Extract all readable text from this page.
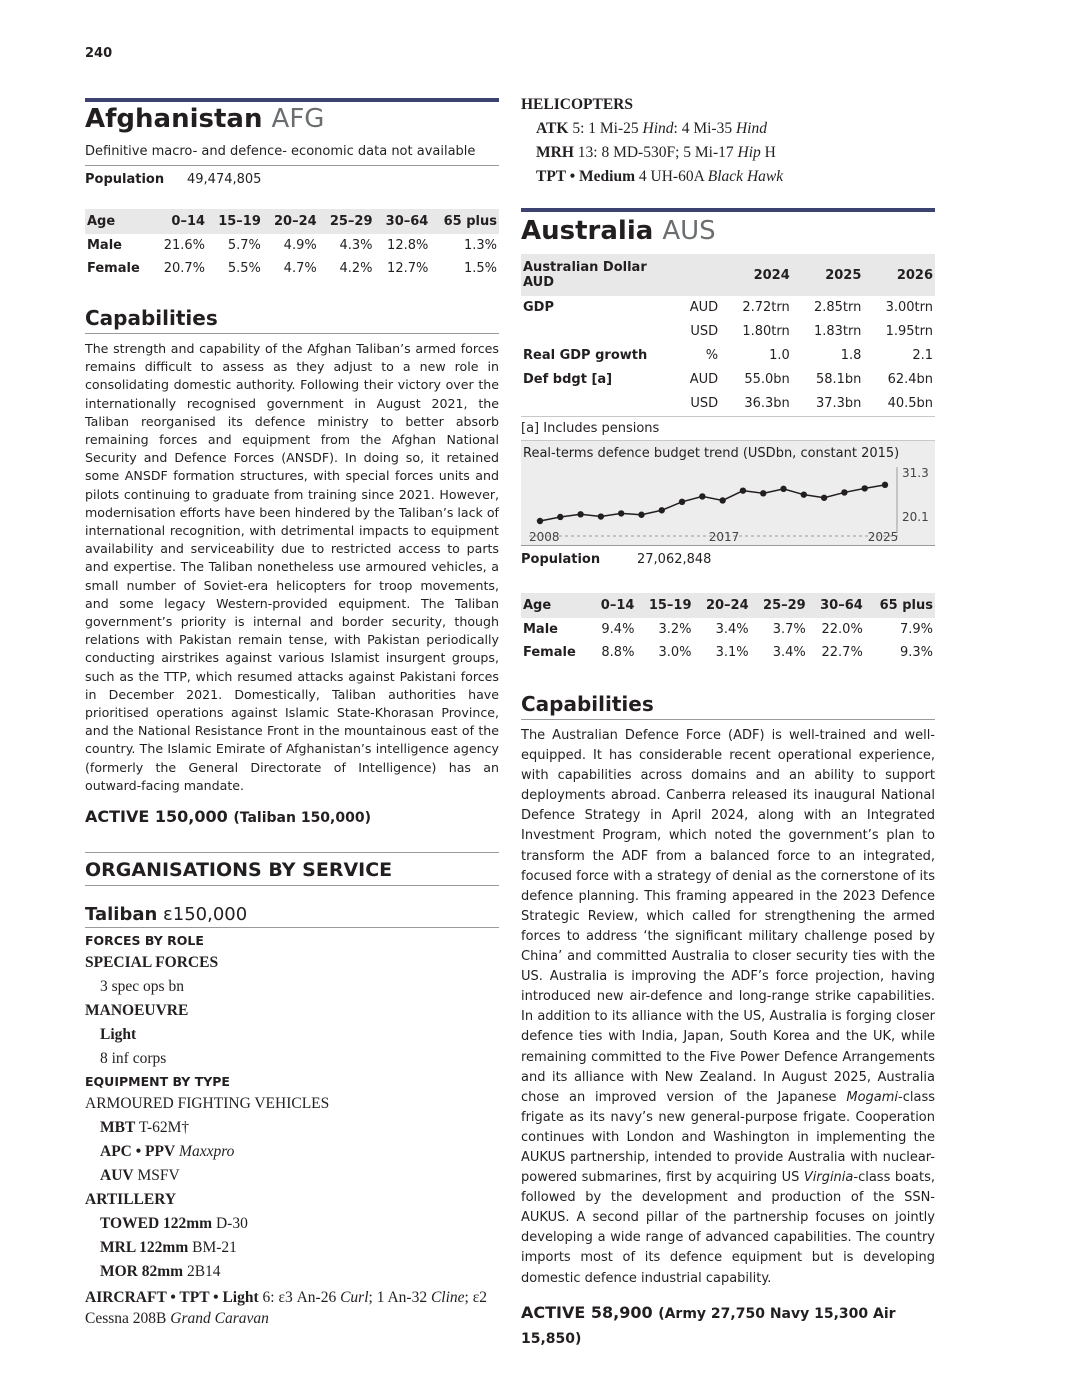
240
Afghanistan AFG
Definitive macro- and defence- economic data not available
Population	49,474,805
Age	0–14	15–19	20–24	25–29	30–64	65 plus
Male	21.6%	5.7%	4.9%	4.3%	12.8%	1.3%
Female	20.7%	5.5%	4.7%	4.2%	12.7%	1.5%
Capabilities
The strength and capability of the Afghan Taliban’s armed forces remains difficult to assess as they adjust to a new role in consolidating domestic authority. Following their victory over the internationally recognised government in August 2021, the Taliban reorganised its defence ministry to better absorb remaining forces and equipment from the Afghan National Security and Defence Forces (ANSDF). In doing so, it retained some ANSDF formation structures, with special forces units and pilots continuing to graduate from training since 2021. However, modernisation efforts have been hindered by the Taliban’s lack of international recognition, with detrimental impacts to equipment availability and serviceability due to restricted access to parts and expertise. The Taliban nonetheless use armoured vehicles, a small number of Soviet-era helicopters for troop movements, and some legacy Western-provided equipment. The Taliban government’s priority is internal and border security, though relations with Pakistan remain tense, with Pakistan periodically conducting airstrikes against various Islamist insurgent groups, such as the TTP, which resumed attacks against Pakistani forces in December 2021. Domestically, Taliban authorities have prioritised operations against Islamic State-Khorasan Province, and the National Resistance Front in the mountainous east of the country. The Islamic Emirate of Afghanistan’s intelligence agency (formerly the General Directorate of Intelligence) has an outward-facing mandate.
ACTIVE 150,000 (Taliban 150,000)
ORGANISATIONS BY SERVICE
Taliban ε150,000
FORCES BY ROLE
SPECIAL FORCES
3 spec ops bn
MANOEUVRE
Light
8 inf corps
EQUIPMENT BY TYPE
ARMOURED FIGHTING VEHICLES
MBT T-62M†
APC • PPV Maxxpro
AUV MSFV
ARTILLERY
TOWED 122mm D-30
MRL 122mm BM-21
MOR 82mm 2B14
AIRCRAFT • TPT • Light 6: ε3 An-26 Curl; 1 An-32 Cline; ε2 Cessna 208B Grand Caravan
HELICOPTERS
ATK 5: 1 Mi-25 Hind: 4 Mi-35 Hind
MRH 13: 8 MD-530F; 5 Mi-17 Hip H
TPT • Medium 4 UH-60A Black Hawk
Australia AUS
Australian Dollar AUD		2024	2025	2026
GDP	AUD	2.72trn	2.85trn	3.00trn
	USD	1.80trn	1.83trn	1.95trn
Real GDP growth	%	1.0	1.8	2.1
Def bdgt [a]	AUD	55.0bn	58.1bn	62.4bn
	USD	36.3bn	37.3bn	40.5bn
[a] Includes pensions
Real-terms defence budget trend (USDbn, constant 2015)
2008	2017	2025
31.3
20.1
Population	27,062,848
Age	0–14	15–19	20–24	25–29	30–64	65 plus
Male	9.4%	3.2%	3.4%	3.7%	22.0%	7.9%
Female	8.8%	3.0%	3.1%	3.4%	22.7%	9.3%
Capabilities
The Australian Defence Force (ADF) is well-trained and well-equipped. It has considerable recent operational experience, with capabilities across domains and an ability to support deployments abroad. Canberra released its inaugural National Defence Strategy in April 2024, along with an Integrated Investment Program, which noted the government’s plan to transform the ADF from a balanced force to an integrated, focused force with a strategy of denial as the cornerstone of its defence planning. This framing appeared in the 2023 Defence Strategic Review, which called for strengthening the armed forces to address ‘the significant military challenge posed by China’ and committed Australia to closer security ties with the US. Australia is improving the ADF’s force projection, having introduced new air-defence and long-range strike capabilities. In addition to its alliance with the US, Australia is forging closer defence ties with India, Japan, South Korea and the UK, while remaining committed to the Five Power Defence Arrangements and its alliance with New Zealand. In August 2025, Australia chose an improved version of the Japanese Mogami-class frigate as its navy’s new general-purpose frigate. Cooperation continues with London and Washington in implementing the AUKUS partnership, intended to provide Australia with nuclear-powered submarines, first by acquiring US Virginia-class boats, followed by the development and production of the SSN-AUKUS. A second pillar of the partnership focuses on jointly developing a wide range of advanced capabilities. The country imports most of its defence equipment but is developing domestic defence industrial capability.
ACTIVE 58,900 (Army 27,750 Navy 15,300 Air 15,850)
